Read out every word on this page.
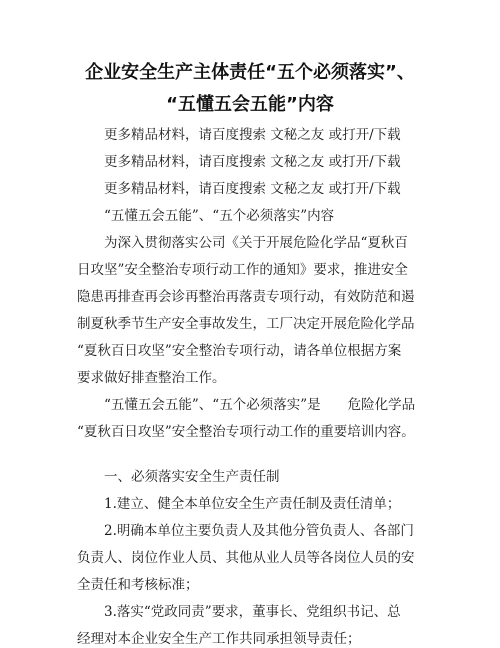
企业安全生产主体责任“五个必须落实”、
“五懂五会五能”内容
更多精品材料，请百度搜索 文秘之友 或打开/下载
更多精品材料，请百度搜索 文秘之友 或打开/下载
更多精品材料，请百度搜索 文秘之友 或打开/下载
“五懂五会五能”、“五个必须落实”内容
为深入贯彻落实公司《关于开展危险化学品“夏秋百
日攻坚”安全整治专项行动工作的通知》要求，推进安全
隐患再排查再会诊再整治再落责专项行动，有效防范和遏
制夏秋季节生产安全事故发生，工厂决定开展危险化学品
“夏秋百日攻坚”安全整治专项行动，请各单位根据方案
要求做好排查整治工作。
“五懂五会五能”、“五个必须落实”是　　危险化学品
“夏秋百日攻坚”安全整治专项行动工作的重要培训内容。
一、必须落实安全生产责任制
1.建立、健全本单位安全生产责任制及责任清单；
2.明确本单位主要负责人及其他分管负责人、各部门
负责人、岗位作业人员、其他从业人员等各岗位人员的安
全责任和考核标准；
3.落实“党政同责”要求，董事长、党组织书记、总
经理对本企业安全生产工作共同承担领导责任；
